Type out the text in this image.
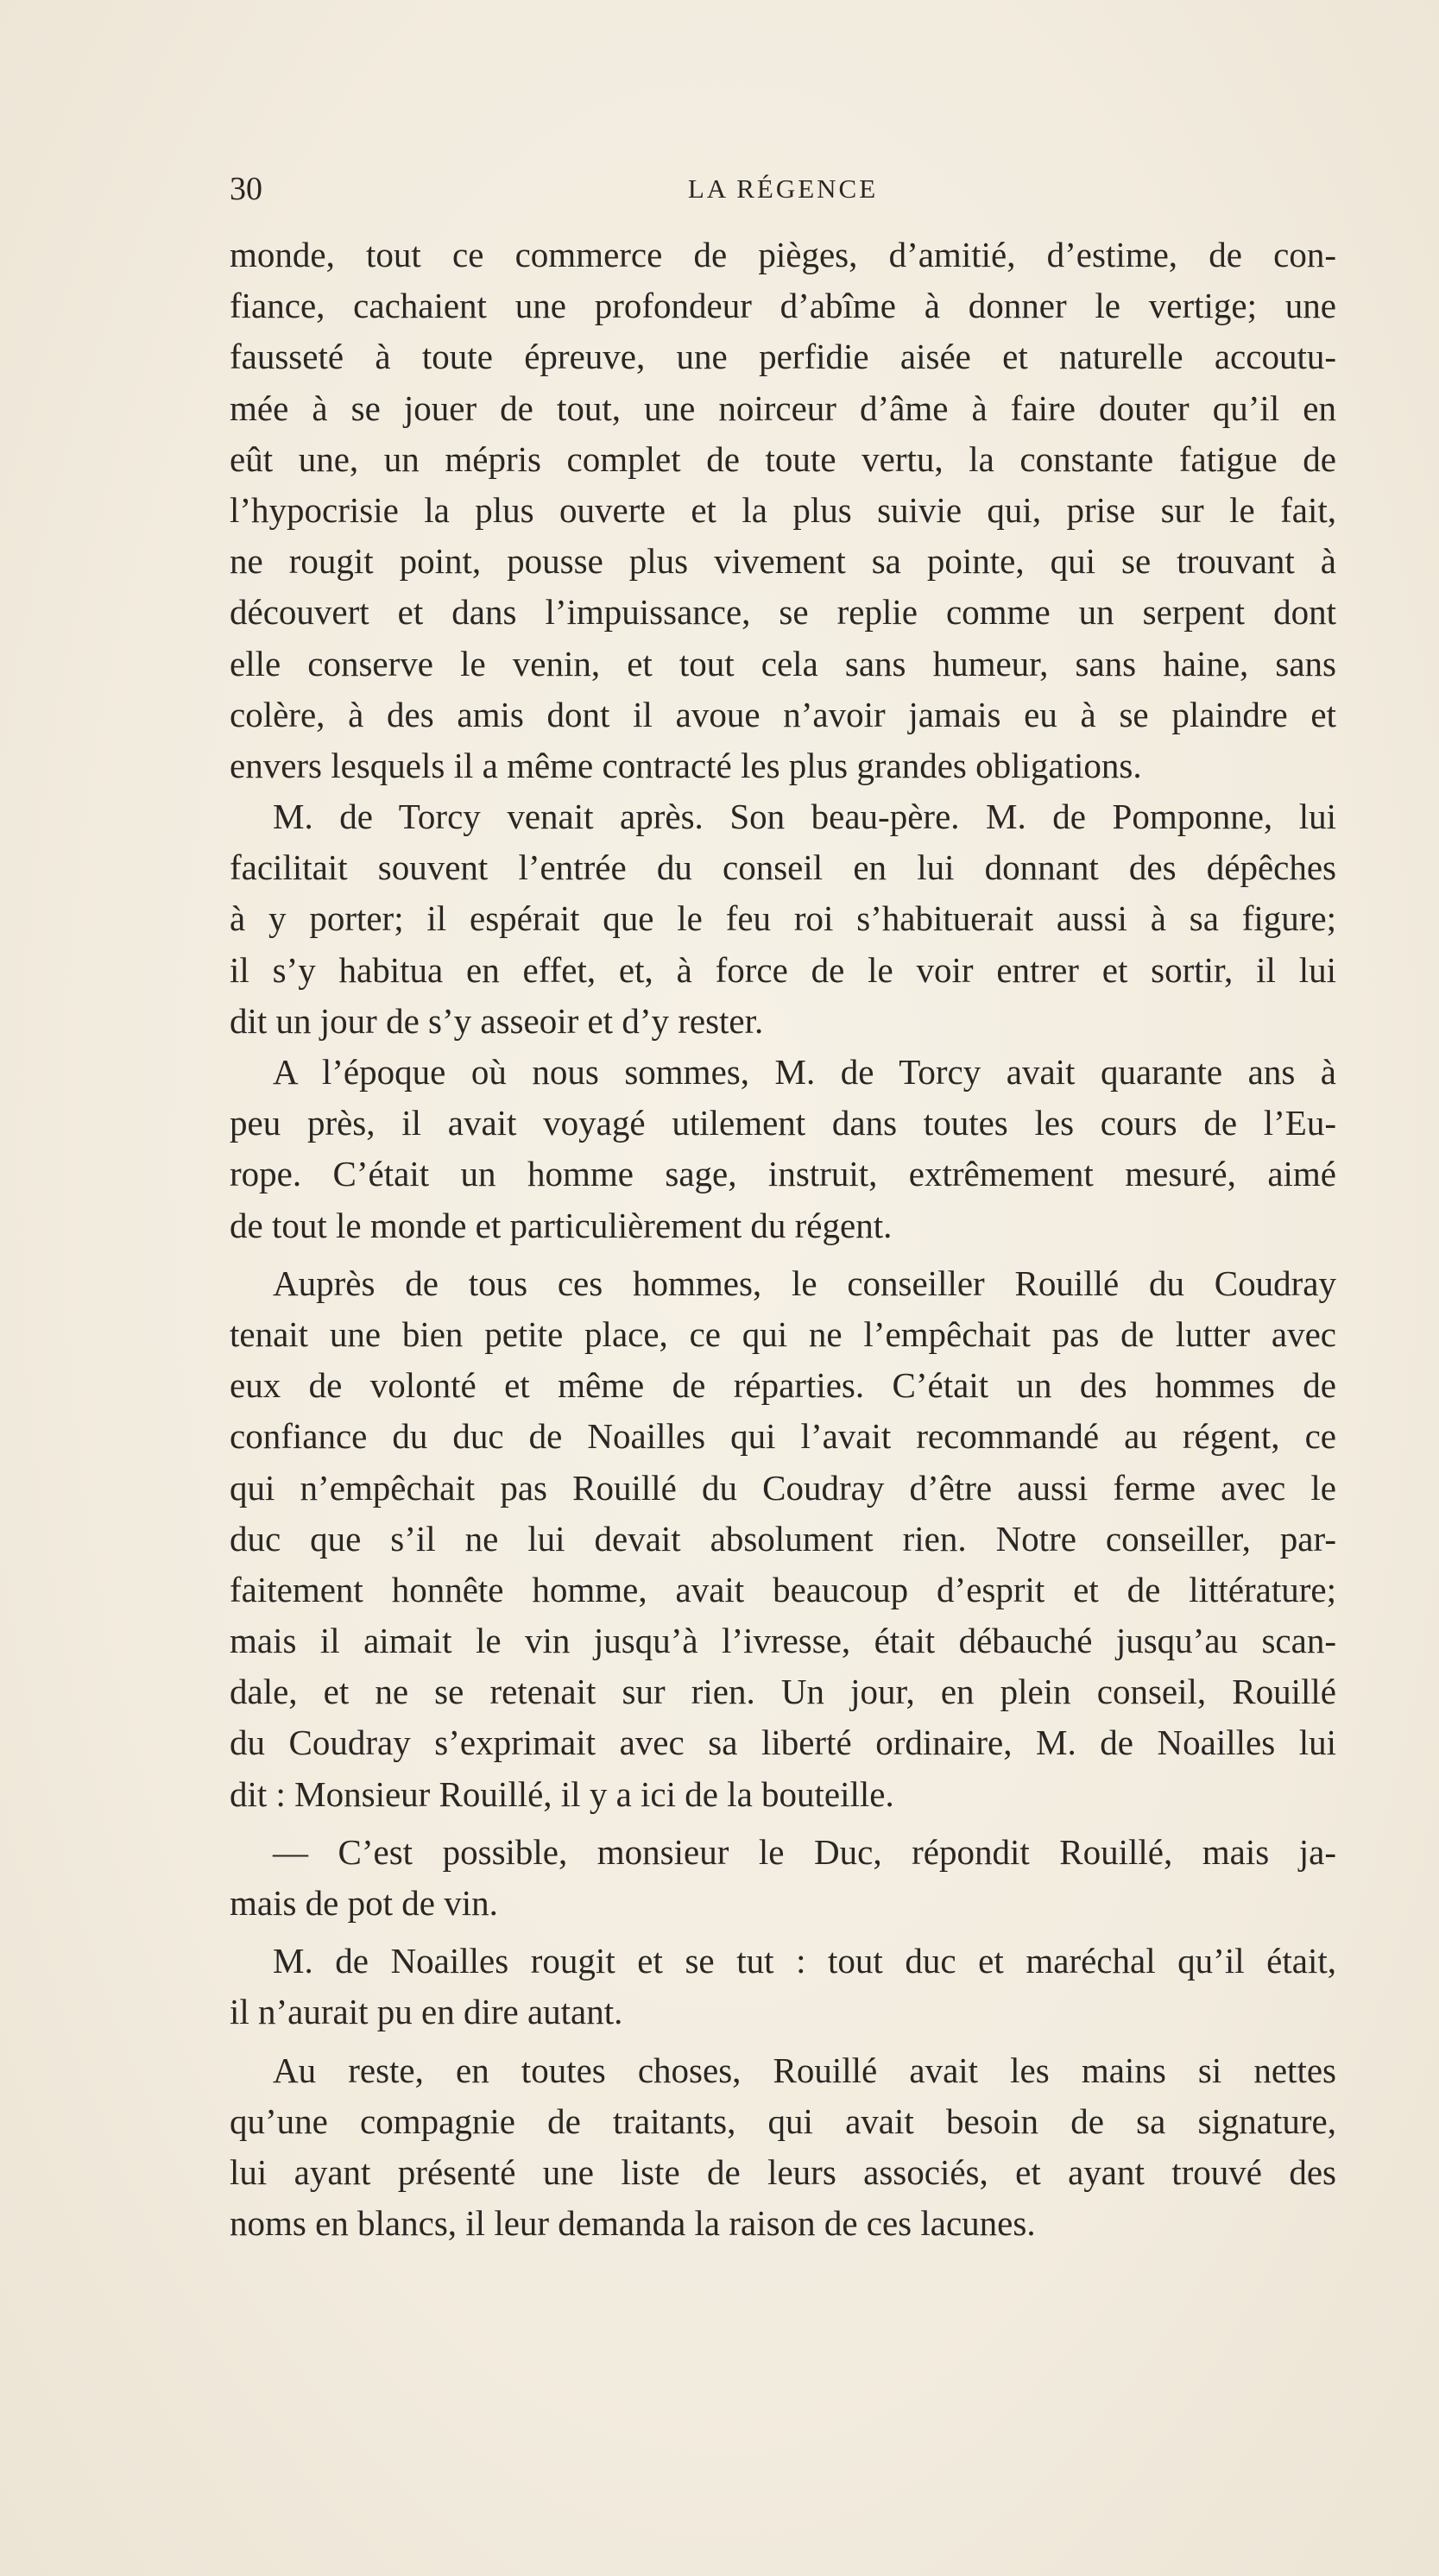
30	LA RÉGENCE
monde, tout ce commerce de pièges, d’amitié, d’estime, de con-
fiance, cachaient une profondeur d’abîme à donner le vertige; une
fausseté à toute épreuve, une perfidie aisée et naturelle accoutu-
mée à se jouer de tout, une noirceur d’âme à faire douter qu’il en
eût une, un mépris complet de toute vertu, la constante fatigue de
l’hypocrisie la plus ouverte et la plus suivie qui, prise sur le fait,
ne rougit point, pousse plus vivement sa pointe, qui se trouvant à
découvert et dans l’impuissance, se replie comme un serpent dont
elle conserve le venin, et tout cela sans humeur, sans haine, sans
colère, à des amis dont il avoue n’avoir jamais eu à se plaindre et
envers lesquels il a même contracté les plus grandes obligations.
M. de Torcy venait après. Son beau-père. M. de Pomponne, lui
facilitait souvent l’entrée du conseil en lui donnant des dépêches
à y porter; il espérait que le feu roi s’habituerait aussi à sa figure;
il s’y habitua en effet, et, à force de le voir entrer et sortir, il lui
dit un jour de s’y asseoir et d’y rester.
A l’époque où nous sommes, M. de Torcy avait quarante ans à
peu près, il avait voyagé utilement dans toutes les cours de l’Eu-
rope. C’était un homme sage, instruit, extrêmement mesuré, aimé
de tout le monde et particulièrement du régent.
Auprès de tous ces hommes, le conseiller Rouillé du Coudray
tenait une bien petite place, ce qui ne l’empêchait pas de lutter avec
eux de volonté et même de réparties. C’était un des hommes de
confiance du duc de Noailles qui l’avait recommandé au régent, ce
qui n’empêchait pas Rouillé du Coudray d’être aussi ferme avec le
duc que s’il ne lui devait absolument rien. Notre conseiller, par-
faitement honnête homme, avait beaucoup d’esprit et de littérature;
mais il aimait le vin jusqu’à l’ivresse, était débauché jusqu’au scan-
dale, et ne se retenait sur rien. Un jour, en plein conseil, Rouillé
du Coudray s’exprimait avec sa liberté ordinaire, M. de Noailles lui
dit : Monsieur Rouillé, il y a ici de la bouteille.
— C’est possible, monsieur le Duc, répondit Rouillé, mais ja-
mais de pot de vin.
M. de Noailles rougit et se tut : tout duc et maréchal qu’il était,
il n’aurait pu en dire autant.
Au reste, en toutes choses, Rouillé avait les mains si nettes
qu’une compagnie de traitants, qui avait besoin de sa signature,
lui ayant présenté une liste de leurs associés, et ayant trouvé des
noms en blancs, il leur demanda la raison de ces lacunes.
